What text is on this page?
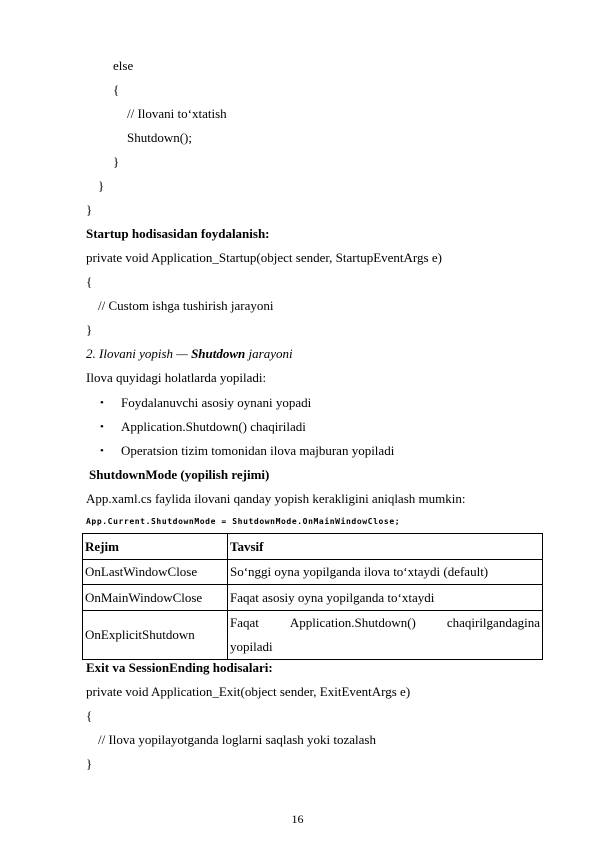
else
{
// Ilovani to‘xtatish
Shutdown();
}
}
}
Startup hodisasidan foydalanish:
private void Application_Startup(object sender, StartupEventArgs e)
{
// Custom ishga tushirish jarayoni
}
2. Ilovani yopish — Shutdown jarayoni
Ilova quyidagi holatlarda yopiladi:
• Foydalanuvchi asosiy oynani yopadi
• Application.Shutdown() chaqiriladi
• Operatsion tizim tomonidan ilova majburan yopiladi
ShutdownMode (yopilish rejimi)
App.xaml.cs faylida ilovani qanday yopish kerakligini aniqlash mumkin:
App.Current.ShutdownMode = ShutdownMode.OnMainWindowClose;
Rejim	Tavsif
OnLastWindowClose	So‘nggi oyna yopilganda ilova to‘xtaydi (default)
OnMainWindowClose	Faqat asosiy oyna yopilganda to‘xtaydi
OnExplicitShutdown	Faqat Application.Shutdown() chaqirilgandagina
yopiladi
Exit va SessionEnding hodisalari:
private void Application_Exit(object sender, ExitEventArgs e)
{
// Ilova yopilayotganda loglarni saqlash yoki tozalash
}
16
